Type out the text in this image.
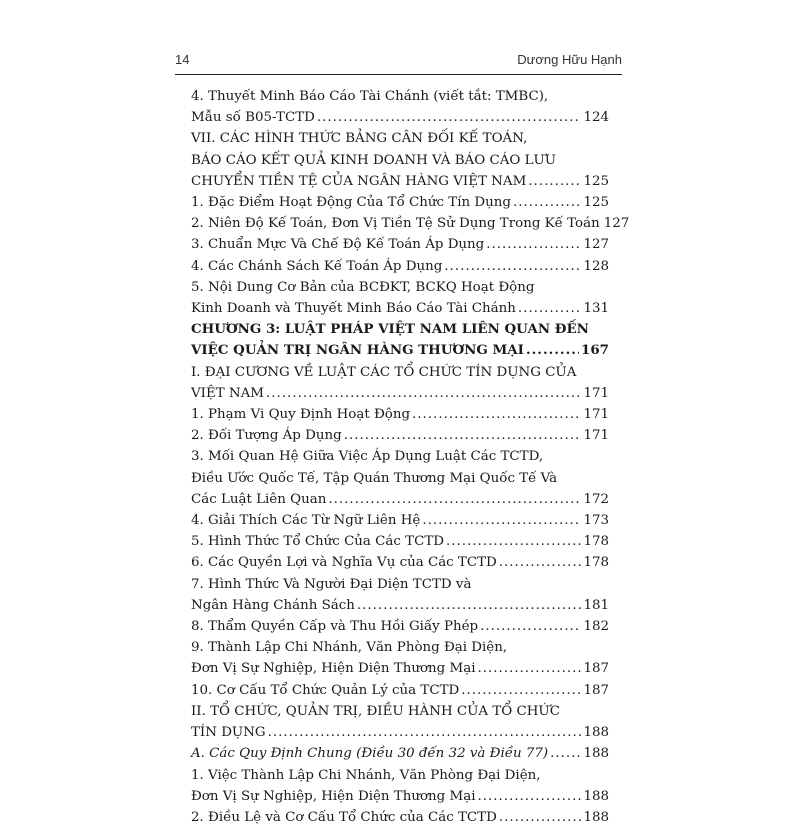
14	Dương Hữu Hạnh
4. Thuyết Minh Báo Cáo Tài Chánh (viết tắt: TMBC),
Mẫu số B05-TCTD .....	124
VII. CÁC HÌNH THỨC BẢNG CÂN ĐỐI KẾ TOÁN,
BÁO CÁO KẾT QUẢ KINH DOANH VÀ BÁO CÁO LƯU
CHUYỂN TIỀN TỆ CỦA NGÂN HÀNG VIỆT NAM .....	125
1. Đặc Điểm Hoạt Động Của Tổ Chức Tín Dụng .....	125
2. Niên Độ Kế Toán, Đơn Vị Tiền Tệ Sử Dụng Trong Kế Toán 127
3. Chuẩn Mực Và Chế Độ Kế Toán Áp Dụng .....	127
4. Các Chánh Sách Kế Toán Áp Dụng .....	128
5. Nội Dung Cơ Bản của BCĐKT, BCKQ Hoạt Động
Kinh Doanh và Thuyết Minh Báo Cáo Tài Chánh .....	131
CHƯƠNG 3: LUẬT PHÁP VIỆT NAM LIÊN QUAN ĐẾN
VIỆC QUẢN TRỊ NGÂN HÀNG THƯƠNG MẠI .....	167
I. ĐẠI CƯƠNG VỀ LUẬT CÁC TỔ CHỨC TÍN DỤNG CỦA
VIỆT NAM .....	171
1. Phạm Vi Quy Định Hoạt Động .....	171
2. Đối Tượng Áp Dụng .....	171
3. Mối Quan Hệ Giữa Việc Áp Dụng Luật Các TCTD,
Điều Ước Quốc Tế, Tập Quán Thương Mại Quốc Tế Và
Các Luật Liên Quan .....	172
4. Giải Thích Các Từ Ngữ Liên Hệ .....	173
5. Hình Thức Tổ Chức Của Các TCTD .....	178
6. Các Quyền Lợi và Nghĩa Vụ của Các TCTD .....	178
7. Hình Thức Và Người Đại Diện TCTD và
Ngân Hàng Chánh Sách .....	181
8. Thẩm Quyền Cấp và Thu Hồi Giấy Phép .....	182
9. Thành Lập Chi Nhánh, Văn Phòng Đại Diện,
Đơn Vị Sự Nghiệp, Hiện Diện Thương Mại .....	187
10. Cơ Cấu Tổ Chức Quản Lý của TCTD .....	187
II. TỔ CHỨC, QUẢN TRỊ, ĐIỀU HÀNH CỦA TỔ CHỨC
TÍN DỤNG .....	188
A. Các Quy Định Chung (Điều 30 đến 32 và Điều 77) .....	188
1. Việc Thành Lập Chi Nhánh, Văn Phòng Đại Diện,
Đơn Vị Sự Nghiệp, Hiện Diện Thương Mại .....	188
2. Điều Lệ và Cơ Cấu Tổ Chức của Các TCTD .....	188
